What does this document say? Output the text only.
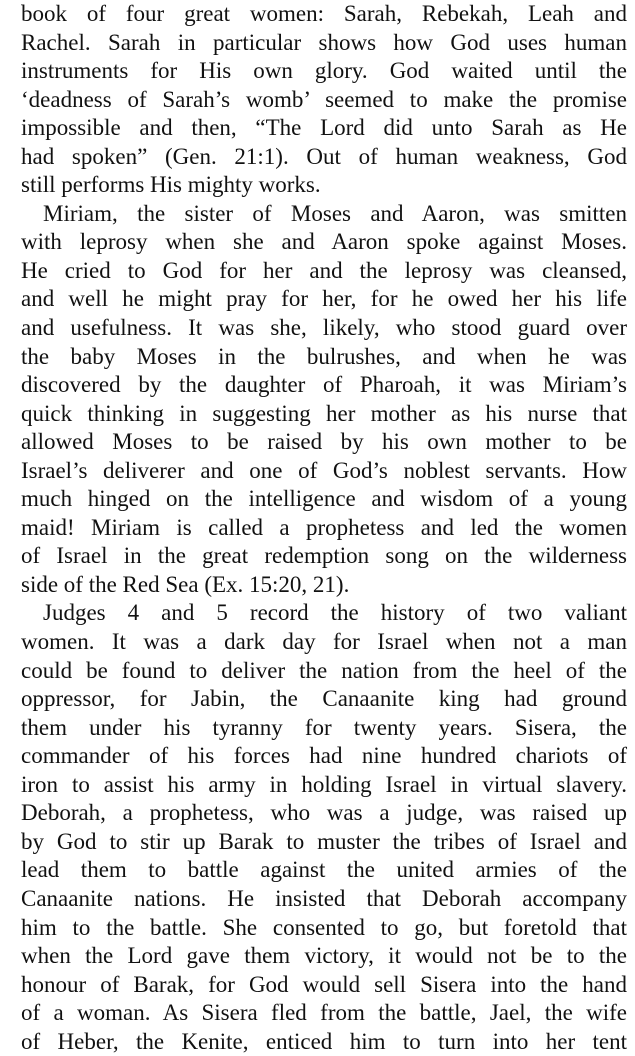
book of four great women: Sarah, Rebekah, Leah and
Rachel. Sarah in particular shows how God uses human
instruments for His own glory. God waited until the
‘deadness of Sarah’s womb’ seemed to make the promise
impossible and then, “The Lord did unto Sarah as He
had spoken” (Gen. 21:1). Out of human weakness, God
still performs His mighty works.

Miriam, the sister of Moses and Aaron, was smitten
with leprosy when she and Aaron spoke against Moses.
He cried to God for her and the leprosy was cleansed,
and well he might pray for her, for he owed her his life
and usefulness. It was she, likely, who stood guard over
the baby Moses in the bulrushes, and when he was
discovered by the daughter of Pharoah, it was Miriam’s
quick thinking in suggesting her mother as his nurse that
allowed Moses to be raised by his own mother to be
Israel’s deliverer and one of God’s noblest servants. How
much hinged on the intelligence and wisdom of a young
maid! Miriam is called a prophetess and led the women
of Israel in the great redemption song on the wilderness
side of the Red Sea (Ex. 15:20, 21).

Judges 4 and 5 record the history of two valiant
women. It was a dark day for Israel when not a man
could be found to deliver the nation from the heel of the
oppressor, for Jabin, the Canaanite king had ground
them under his tyranny for twenty years. Sisera, the
commander of his forces had nine hundred chariots of
iron to assist his army in holding Israel in virtual slavery.
Deborah, a prophetess, who was a judge, was raised up
by God to stir up Barak to muster the tribes of Israel and
lead them to battle against the united armies of the
Canaanite nations. He insisted that Deborah accompany
him to the battle. She consented to go, but foretold that
when the Lord gave them victory, it would not be to the
honour of Barak, for God would sell Sisera into the hand
of a woman. As Sisera fled from the battle, Jael, the wife
of Heber, the Kenite, enticed him to turn into her tent
